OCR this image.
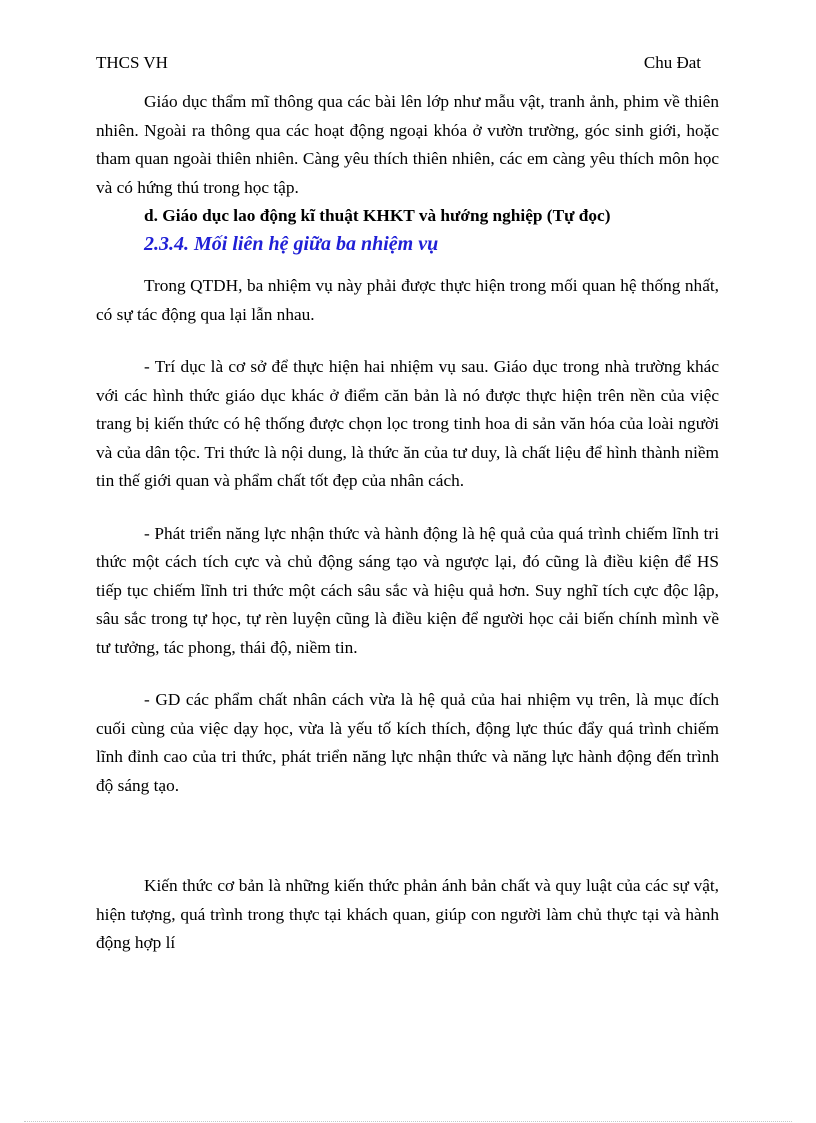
THCS VH	Chu Đat

Giáo dục thẩm mĩ thông qua các bài lên lớp như mẫu vật, tranh ảnh, phim về thiên nhiên. Ngoài ra thông qua các hoạt động ngoại khóa ở vườn trường, góc sinh giới, hoặc tham quan ngoài thiên nhiên. Càng yêu thích thiên nhiên, các em càng yêu thích môn học và có hứng thú trong học tập.

d. Giáo dục lao động kĩ thuật KHKT và hướng nghiệp (Tự đọc)

2.3.4. Mối liên hệ giữa ba nhiệm vụ

Trong QTDH, ba nhiệm vụ này phải được thực hiện trong mối quan hệ thống nhất, có sự tác động qua lại lẫn nhau.

- Trí dục là cơ sở để thực hiện hai nhiệm vụ sau. Giáo dục trong nhà trường khác với các hình thức giáo dục khác ở điểm căn bản là nó được thực hiện trên nền của việc trang bị kiến thức có hệ thống được chọn lọc trong tinh hoa di sản văn hóa của loài người và của dân tộc. Tri thức là nội dung, là thức ăn của tư duy, là chất liệu để hình thành niềm tin thế giới quan và phẩm chất tốt đẹp của nhân cách.

- Phát triển năng lực nhận thức và hành động là hệ quả của quá trình chiếm lĩnh tri thức một cách tích cực và chủ động sáng tạo và ngược lại, đó cũng là điều kiện để HS tiếp tục chiếm lĩnh tri thức một cách sâu sắc và hiệu quả hơn. Suy nghĩ tích cực độc lập, sâu sắc trong tự học, tự rèn luyện cũng là điều kiện để người học cải biến chính mình về tư tưởng, tác phong, thái độ, niềm tin.

- GD các phẩm chất nhân cách vừa là hệ quả của hai nhiệm vụ trên, là mục đích cuối cùng của việc dạy học, vừa là yếu tố kích thích, động lực thúc đẩy quá trình chiếm lĩnh đỉnh cao của tri thức, phát triển năng lực nhận thức và năng lực hành động đến trình độ sáng tạo.

Kiến thức cơ bản là những kiến thức phản ánh bản chất và quy luật của các sự vật, hiện tượng, quá trình trong thực tại khách quan, giúp con người làm chủ thực tại và hành động hợp lí
